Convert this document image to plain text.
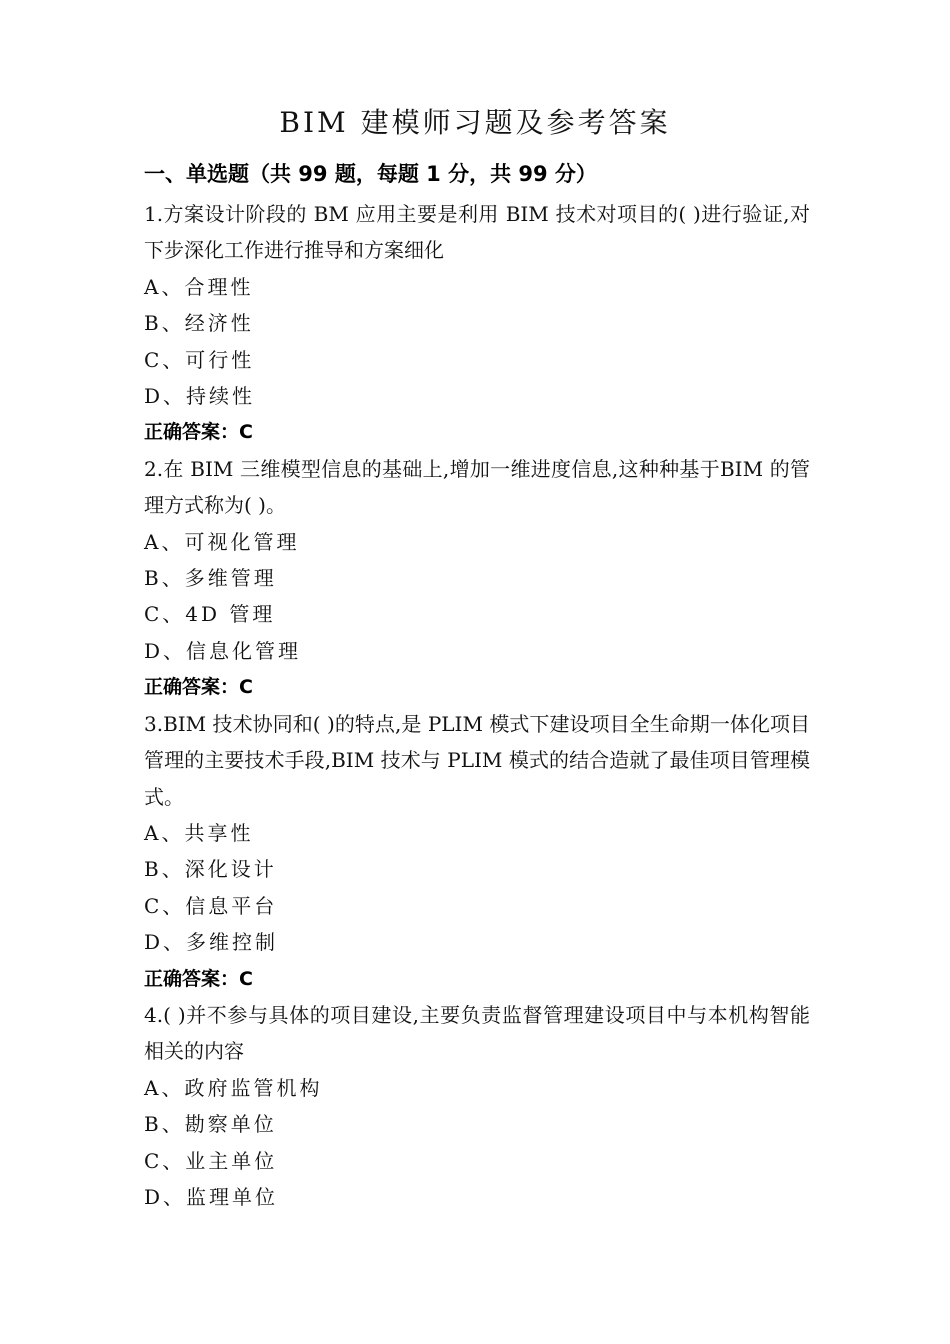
BIM 建模师习题及参考答案
一、单选题（共 99 题，每题 1 分，共 99 分）

1.方案设计阶段的 BM 应用主要是利用 BIM 技术对项目的( )进行验证,对下步深化工作进行推导和方案细化

A、合理性

B、经济性

C、可行性

D、持续性

正确答案：C

2.在 BIM 三维模型信息的基础上,增加一维进度信息,这种种基于BIM 的管理方式称为( )。

A、可视化管理

B、多维管理

C、4D 管理

D、信息化管理

正确答案：C

3.BIM 技术协同和( )的特点,是 PLIM 模式下建设项目全生命期一体化项目管理的主要技术手段,BIM 技术与 PLIM 模式的结合造就了最佳项目管理模式。

A、共享性

B、深化设计

C、信息平台

D、多维控制

正确答案：C

4.( )并不参与具体的项目建设,主要负责监督管理建设项目中与本机构智能相关的内容

A、政府监管机构

B、勘察单位

C、业主单位

D、监理单位
